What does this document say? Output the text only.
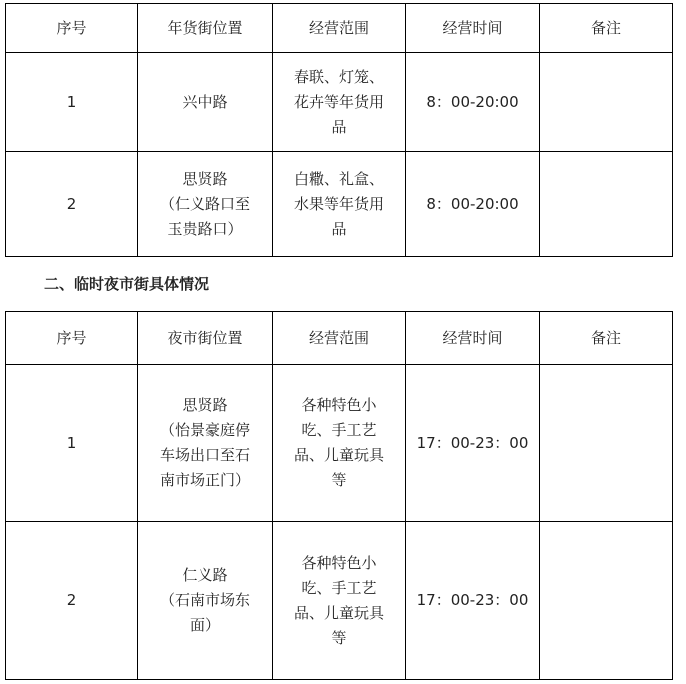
序号	年货街位置	经营范围	经营时间	备注
1	兴中路	春联、灯笼、
花卉等年货用
品	8：00-20:00	
2	思贤路
（仁义路口至
玉贵路口）	白糤、礼盒、
水果等年货用
品	8：00-20:00	
二、临时夜市街具体情况
序号	夜市街位置	经营范围	经营时间	备注
1	思贤路
（怡景豪庭停
车场出口至石
南市场正门）	各种特色小
吃、手工艺
品、儿童玩具
等	17：00-23：00	
2	仁义路
（石南市场东
面）	各种特色小
吃、手工艺
品、儿童玩具
等	17：00-23：00	
